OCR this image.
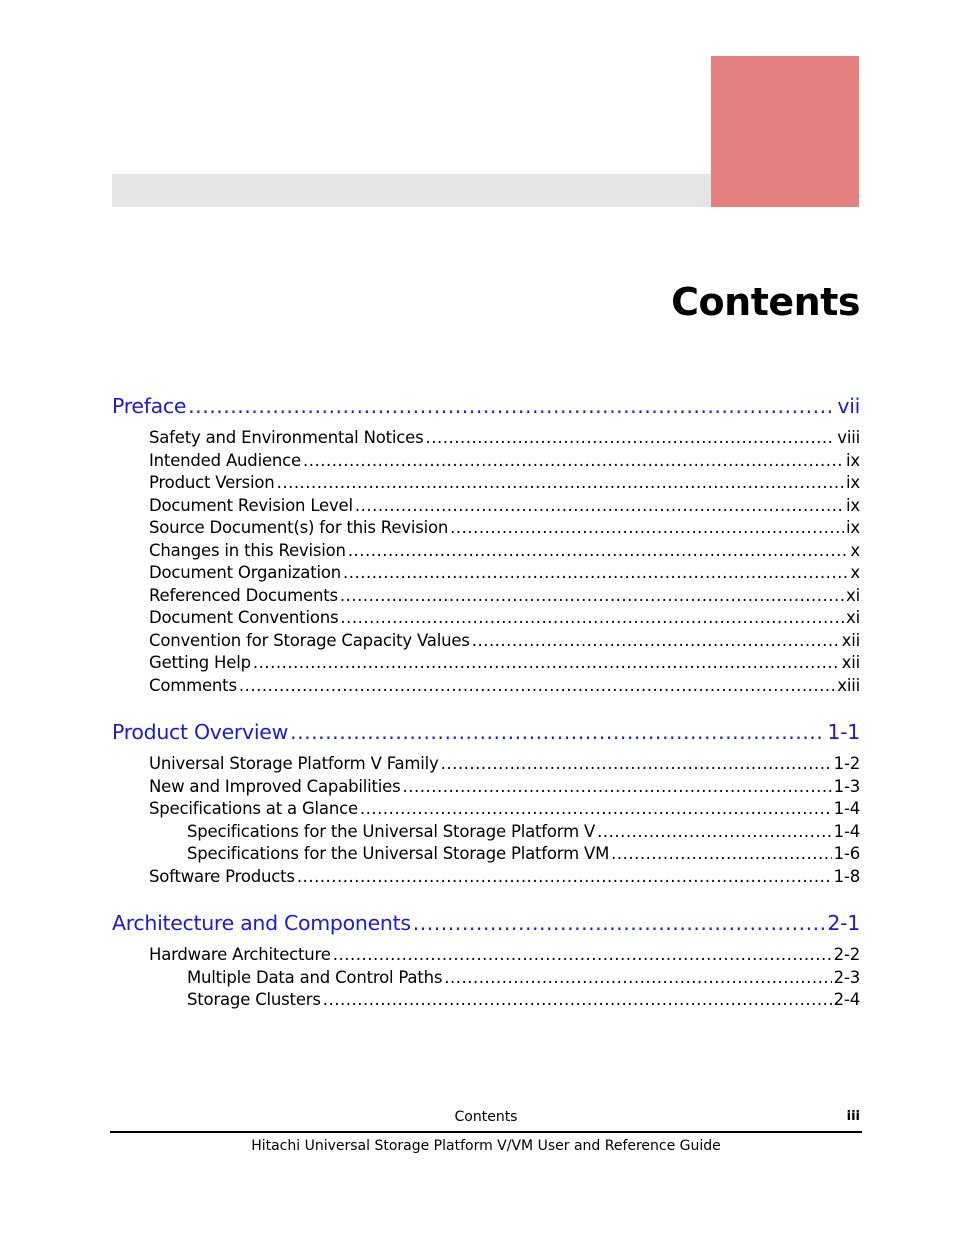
Contents
Preface .....	vii
Safety and Environmental Notices .....	viii
Intended Audience .....	ix
Product Version .....	ix
Document Revision Level .....	ix
Source Document(s) for this Revision .....	ix
Changes in this Revision .....	x
Document Organization .....	x
Referenced Documents .....	xi
Document Conventions .....	xi
Convention for Storage Capacity Values .....	xii
Getting Help .....	xii
Comments .....	xiii
Product Overview .....	1-1
Universal Storage Platform V Family .....	1-2
New and Improved Capabilities .....	1-3
Specifications at a Glance .....	1-4
Specifications for the Universal Storage Platform V .....	1-4
Specifications for the Universal Storage Platform VM .....	1-6
Software Products .....	1-8
Architecture and Components .....	2-1
Hardware Architecture .....	2-2
Multiple Data and Control Paths .....	2-3
Storage Clusters .....	2-4
Contents	iii
Hitachi Universal Storage Platform V/VM User and Reference Guide
